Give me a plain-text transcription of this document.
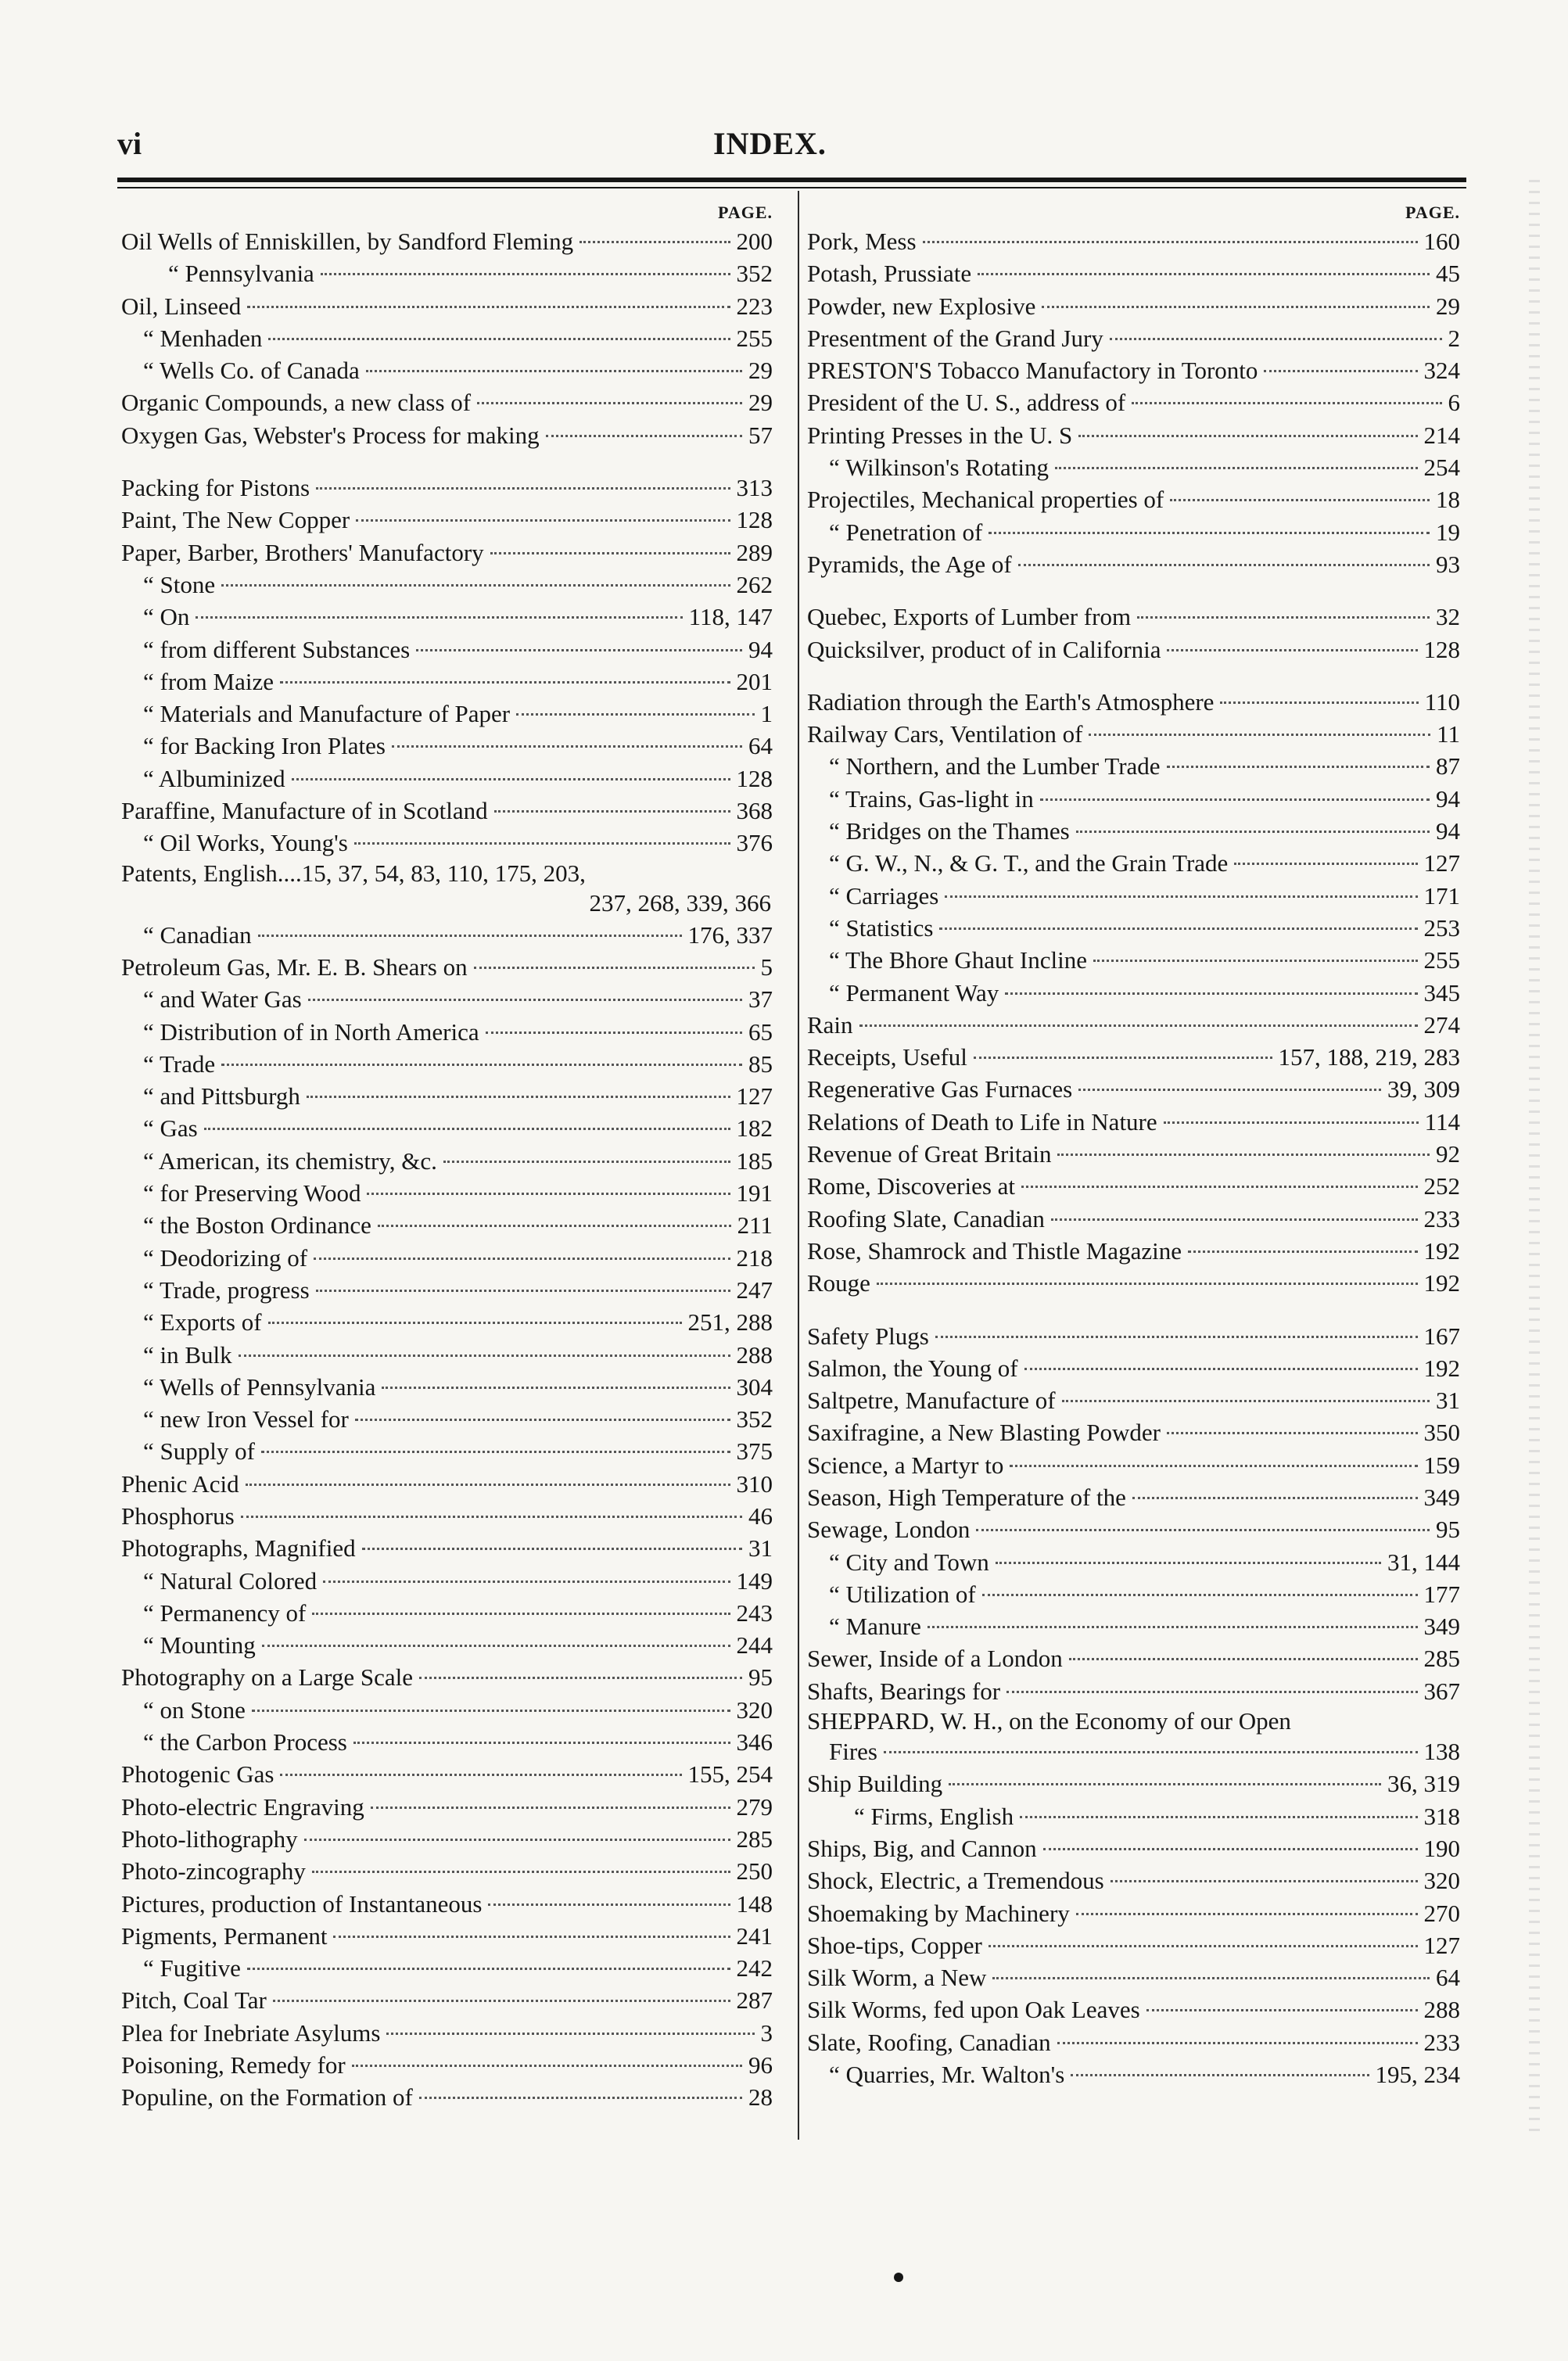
vi	INDEX.
PAGE.
Oil Wells of Enniskillen, by Sandford Fleming	200
“ Pennsylvania	352
Oil, Linseed	223
“ Menhaden	255
“ Wells Co. of Canada	29
Organic Compounds, a new class of	29
Oxygen Gas, Webster's Process for making	57
Packing for Pistons	313
Paint, The New Copper	128
Paper, Barber, Brothers' Manufactory	289
“ Stone	262
“ On	118, 147
“ from different Substances	94
“ from Maize	201
“ Materials and Manufacture of Paper	1
“ for Backing Iron Plates	64
“ Albuminized	128
Paraffine, Manufacture of in Scotland	368
“ Oil Works, Young's	376
Patents, English....15, 37, 54, 83, 110, 175, 203,
237, 268, 339, 366
“ Canadian	176, 337
Petroleum Gas, Mr. E. B. Shears on	5
“ and Water Gas	37
“ Distribution of in North America	65
“ Trade	85
“ and Pittsburgh	127
“ Gas	182
“ American, its chemistry, &c.	185
“ for Preserving Wood	191
“ the Boston Ordinance	211
“ Deodorizing of	218
“ Trade, progress	247
“ Exports of	251, 288
“ in Bulk	288
“ Wells of Pennsylvania	304
“ new Iron Vessel for	352
“ Supply of	375
Phenic Acid	310
Phosphorus	46
Photographs, Magnified	31
“ Natural Colored	149
“ Permanency of	243
“ Mounting	244
Photography on a Large Scale	95
“ on Stone	320
“ the Carbon Process	346
Photogenic Gas	155, 254
Photo-electric Engraving	279
Photo-lithography	285
Photo-zincography	250
Pictures, production of Instantaneous	148
Pigments, Permanent	241
“ Fugitive	242
Pitch, Coal Tar	287
Plea for Inebriate Asylums	3
Poisoning, Remedy for	96
Populine, on the Formation of	28
PAGE.
Pork, Mess	160
Potash, Prussiate	45
Powder, new Explosive	29
Presentment of the Grand Jury	2
PRESTON'S Tobacco Manufactory in Toronto	324
President of the U. S., address of	6
Printing Presses in the U. S	214
“ Wilkinson's Rotating	254
Projectiles, Mechanical properties of	18
“ Penetration of	19
Pyramids, the Age of	93
Quebec, Exports of Lumber from	32
Quicksilver, product of in California	128
Radiation through the Earth's Atmosphere	110
Railway Cars, Ventilation of	11
“ Northern, and the Lumber Trade	87
“ Trains, Gas-light in	94
“ Bridges on the Thames	94
“ G. W., N., & G. T., and the Grain Trade	127
“ Carriages	171
“ Statistics	253
“ The Bhore Ghaut Incline	255
“ Permanent Way	345
Rain	274
Receipts, Useful	157, 188, 219, 283
Regenerative Gas Furnaces	39, 309
Relations of Death to Life in Nature	114
Revenue of Great Britain	92
Rome, Discoveries at	252
Roofing Slate, Canadian	233
Rose, Shamrock and Thistle Magazine	192
Rouge	192
Safety Plugs	167
Salmon, the Young of	192
Saltpetre, Manufacture of	31
Saxifragine, a New Blasting Powder	350
Science, a Martyr to	159
Season, High Temperature of the	349
Sewage, London	95
“ City and Town	31, 144
“ Utilization of	177
“ Manure	349
Sewer, Inside of a London	285
Shafts, Bearings for	367
SHEPPARD, W. H., on the Economy of our Open
Fires	138
Ship Building	36, 319
“ Firms, English	318
Ships, Big, and Cannon	190
Shock, Electric, a Tremendous	320
Shoemaking by Machinery	270
Shoe-tips, Copper	127
Silk Worm, a New	64
Silk Worms, fed upon Oak Leaves	288
Slate, Roofing, Canadian	233
“ Quarries, Mr. Walton's	195, 234
